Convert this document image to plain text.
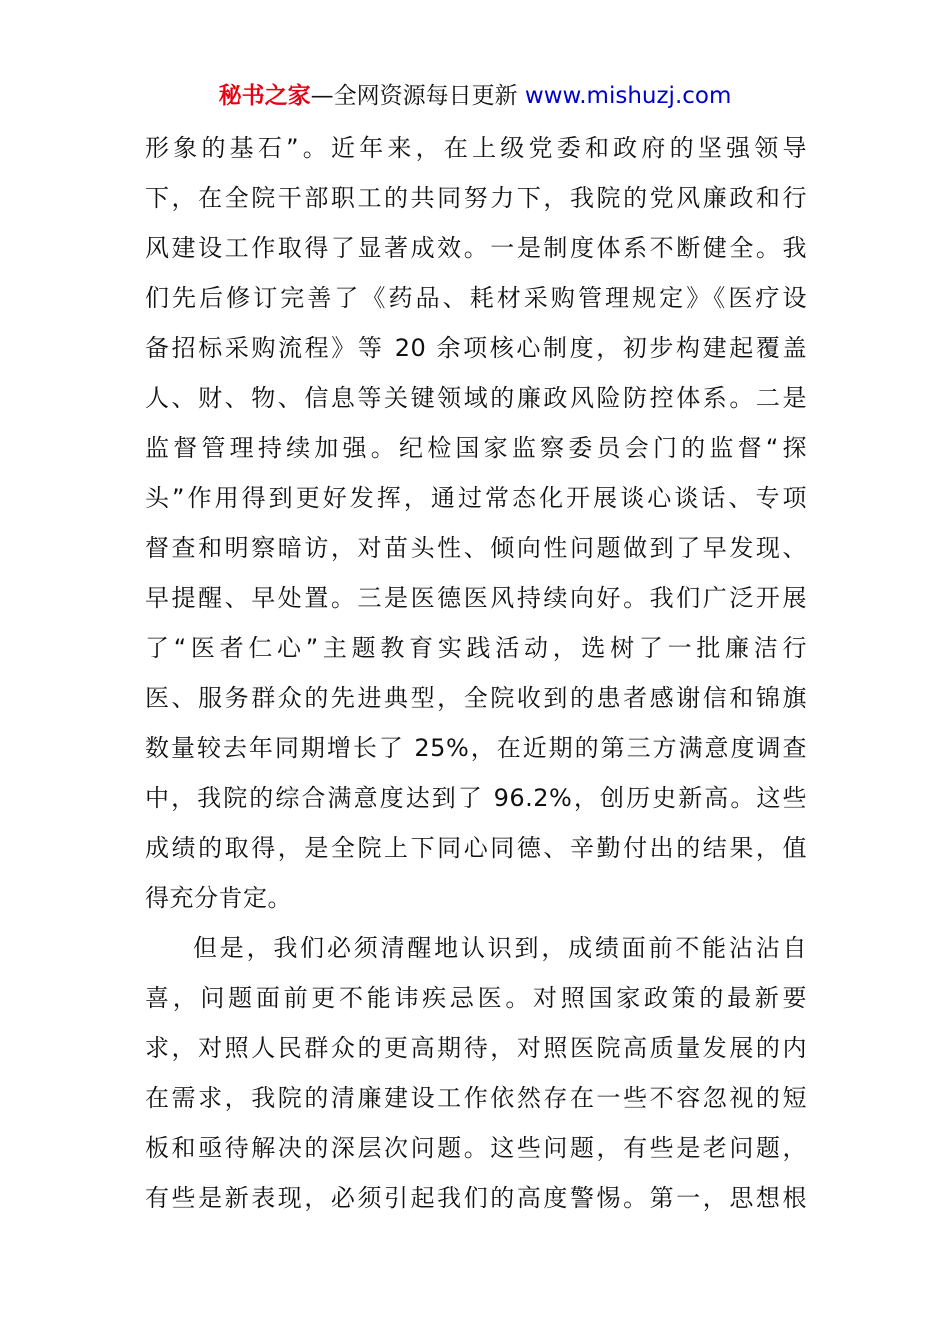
秘书之家—全网资源每日更新 www.mishuzj.com
形象的基石”。近年来，在上级党委和政府的坚强领导
下，在全院干部职工的共同努力下，我院的党风廉政和行
风建设工作取得了显著成效。一是制度体系不断健全。我
们先后修订完善了《药品、耗材采购管理规定》《医疗设
备招标采购流程》等 20 余项核心制度，初步构建起覆盖
人、财、物、信息等关键领域的廉政风险防控体系。二是
监督管理持续加强。纪检国家监察委员会门的监督“探
头”作用得到更好发挥，通过常态化开展谈心谈话、专项
督查和明察暗访，对苗头性、倾向性问题做到了早发现、
早提醒、早处置。三是医德医风持续向好。我们广泛开展
了“医者仁心”主题教育实践活动，选树了一批廉洁行
医、服务群众的先进典型，全院收到的患者感谢信和锦旗
数量较去年同期增长了 25%，在近期的第三方满意度调查
中，我院的综合满意度达到了 96.2%，创历史新高。这些
成绩的取得，是全院上下同心同德、辛勤付出的结果，值
得充分肯定。
但是，我们必须清醒地认识到，成绩面前不能沾沾自
喜，问题面前更不能讳疾忌医。对照国家政策的最新要
求，对照人民群众的更高期待，对照医院高质量发展的内
在需求，我院的清廉建设工作依然存在一些不容忽视的短
板和亟待解决的深层次问题。这些问题，有些是老问题，
有些是新表现，必须引起我们的高度警惕。第一，思想根
